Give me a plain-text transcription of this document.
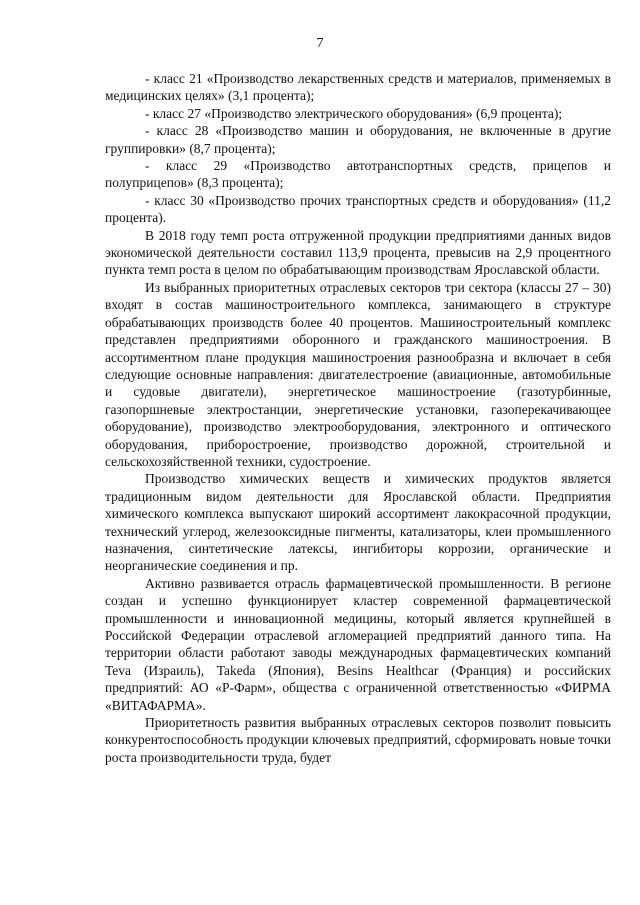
7

- класс 21 «Производство лекарственных средств и материалов, применяемых в медицинских целях» (3,1 процента);

- класс 27 «Производство электрического оборудования» (6,9 процента);

- класс 28 «Производство машин и оборудования, не включенные в другие группировки» (8,7 процента);

- класс 29 «Производство автотранспортных средств, прицепов и полуприцепов» (8,3 процента);

- класс 30 «Производство прочих транспортных средств и оборудования» (11,2 процента).

В 2018 году темп роста отгруженной продукции предприятиями данных видов экономической деятельности составил 113,9 процента, превысив на 2,9 процентного пункта темп роста в целом по обрабатывающим производствам Ярославской области.

Из выбранных приоритетных отраслевых секторов три сектора (классы 27 – 30) входят в состав машиностроительного комплекса, занимающего в структуре обрабатывающих производств более 40 процентов. Машиностроительный комплекс представлен предприятиями оборонного и гражданского машиностроения. В ассортиментном плане продукция машиностроения разнообразна и включает в себя следующие основные направления: двигателестроение (авиационные, автомобильные и судовые двигатели), энергетическое машиностроение (газотурбинные, газопоршневые электростанции, энергетические установки, газоперекачивающее оборудование), производство электрооборудования, электронного и оптического оборудования, приборостроение, производство дорожной, строительной и сельскохозяйственной техники, судостроение.

Производство химических веществ и химических продуктов является традиционным видом деятельности для Ярославской области. Предприятия химического комплекса выпускают широкий ассортимент лакокрасочной продукции, технический углерод, железооксидные пигменты, катализаторы, клеи промышленного назначения, синтетические латексы, ингибиторы коррозии, органические и неорганические соединения и пр.

Активно развивается отрасль фармацевтической промышленности. В регионе создан и успешно функционирует кластер современной фармацевтической промышленности и инновационной медицины, который является крупнейшей в Российской Федерации отраслевой агломерацией предприятий данного типа. На территории области работают заводы международных фармацевтических компаний Teva (Израиль), Takeda (Япония), Besins Healthcar (Франция) и российских предприятий: АО «Р-Фарм», общества с ограниченной ответственностью «ФИРМА «ВИТАФАРМА».

Приоритетность развития выбранных отраслевых секторов позволит повысить конкурентоспособность продукции ключевых предприятий, сформировать новые точки роста производительности труда, будет
